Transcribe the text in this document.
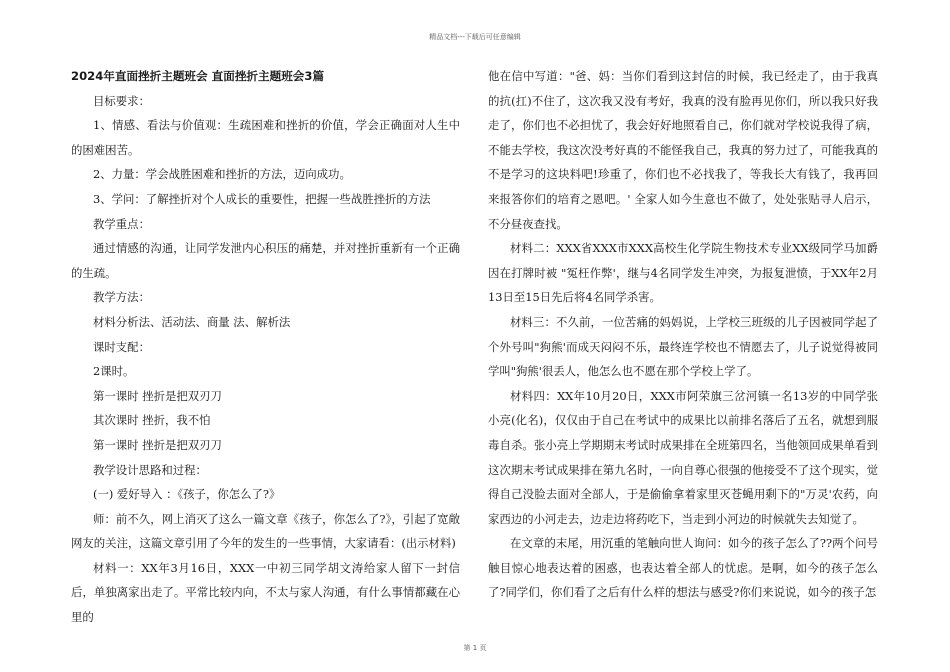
精品文档---下载后可任意编辑

2024年直面挫折主题班会 直面挫折主题班会3篇

目标要求：

1、情感、看法与价值观：生疏困难和挫折的价值，学会正确面对人生中的困难困苦。

2、力量：学会战胜困难和挫折的方法，迈向成功。

3、学问：了解挫折对个人成长的重要性，把握一些战胜挫折的方法

教学重点：

通过情感的沟通，让同学发泄内心积压的痛楚，并对挫折重新有一个正确的生疏。

教学方法：

材料分析法、活动法、商量 法、解析法

课时支配：

2课时。

第一课时 挫折是把双刃刀

其次课时 挫折，我不怕

第一课时 挫折是把双刃刀

教学设计思路和过程：

(一) 爱好导入 ：《孩子，你怎么了?》

师：前不久，网上消灭了这么一篇文章《孩子，你怎么了?》，引起了宽敞网友的关注，这篇文章引用了今年的发生的一些事情，大家请看：(出示材料)

材料一：XX年3月16日，XXX一中初三同学胡文涛给家人留下一封信后，单独离家出走了。平常比较内向，不太与家人沟通，有什么事情都藏在心里的

他在信中写道："爸、妈：当你们看到这封信的时候，我已经走了，由于我真的抗(扛)不住了，这次我又没有考好，我真的没有脸再见你们，所以我只好我走了，你们也不必担忧了，我会好好地照看自己，你们就对学校说我得了病，不能去学校，我这次没考好真的不能怪我自己，我真的努力过了，可能我真的不是学习的这块料吧!珍重了，你们也不必找我了，等我长大有钱了，我再回来报答你们的培育之恩吧。' 全家人如今生意也不做了，处处张贴寻人启示，不分昼夜查找。

材料二：XXX省XXX市XXX高校生化学院生物技术专业XX级同学马加爵因在打牌时被 "冤枉作弊'，继与4名同学发生冲突，为报复泄愤，于XX年2月13日至15日先后将4名同学杀害。

材料三：不久前，一位苦痛的妈妈说，上学校三班级的儿子因被同学起了个外号叫"狗熊'而成天闷闷不乐，最终连学校也不情愿去了，儿子说觉得被同学叫"狗熊'很丢人，他怎么也不愿在那个学校上学了。

材料四：XX年10月20日，XXX市阿荣旗三岔河镇一名13岁的中同学张小亮(化名)，仅仅由于自己在考试中的成果比以前排名落后了五名，就想到服毒自杀。张小亮上学期期末考试时成果排在全班第四名，当他领回成果单看到这次期末考试成果排在第九名时，一向自尊心很强的他接受不了这个现实，觉得自己没脸去面对全部人，于是偷偷拿着家里灭苍蝇用剩下的"万灵'农药，向家西边的小河走去，边走边将药吃下，当走到小河边的时候就失去知觉了。

在文章的末尾，用沉重的笔触向世人询问：如今的孩子怎么了??两个问号触目惊心地表达着的困惑，也表达着全部人的忧虑。是啊，如今的孩子怎么了?同学们，你们看了之后有什么样的想法与感受?你们来说说，如今的孩子怎

第 1 页
